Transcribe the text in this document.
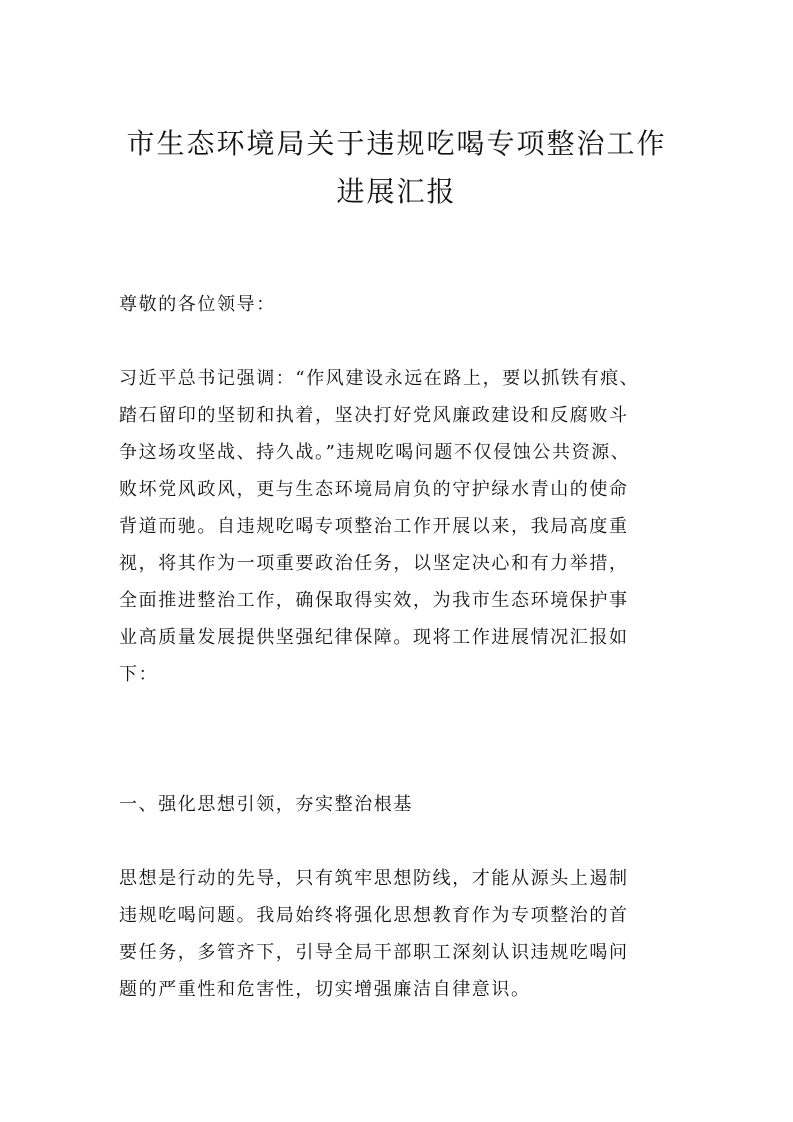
市生态环境局关于违规吃喝专项整治工作
进展汇报
尊敬的各位领导：
习近平总书记强调：“作风建设永远在路上，要以抓铁有痕、
踏石留印的坚韧和执着，坚决打好党风廉政建设和反腐败斗
争这场攻坚战、持久战。”违规吃喝问题不仅侵蚀公共资源、
败坏党风政风，更与生态环境局肩负的守护绿水青山的使命
背道而驰。自违规吃喝专项整治工作开展以来，我局高度重
视，将其作为一项重要政治任务，以坚定决心和有力举措，
全面推进整治工作，确保取得实效，为我市生态环境保护事
业高质量发展提供坚强纪律保障。现将工作进展情况汇报如
下：
一、强化思想引领，夯实整治根基
思想是行动的先导，只有筑牢思想防线，才能从源头上遏制
违规吃喝问题。我局始终将强化思想教育作为专项整治的首
要任务，多管齐下，引导全局干部职工深刻认识违规吃喝问
题的严重性和危害性，切实增强廉洁自律意识。
